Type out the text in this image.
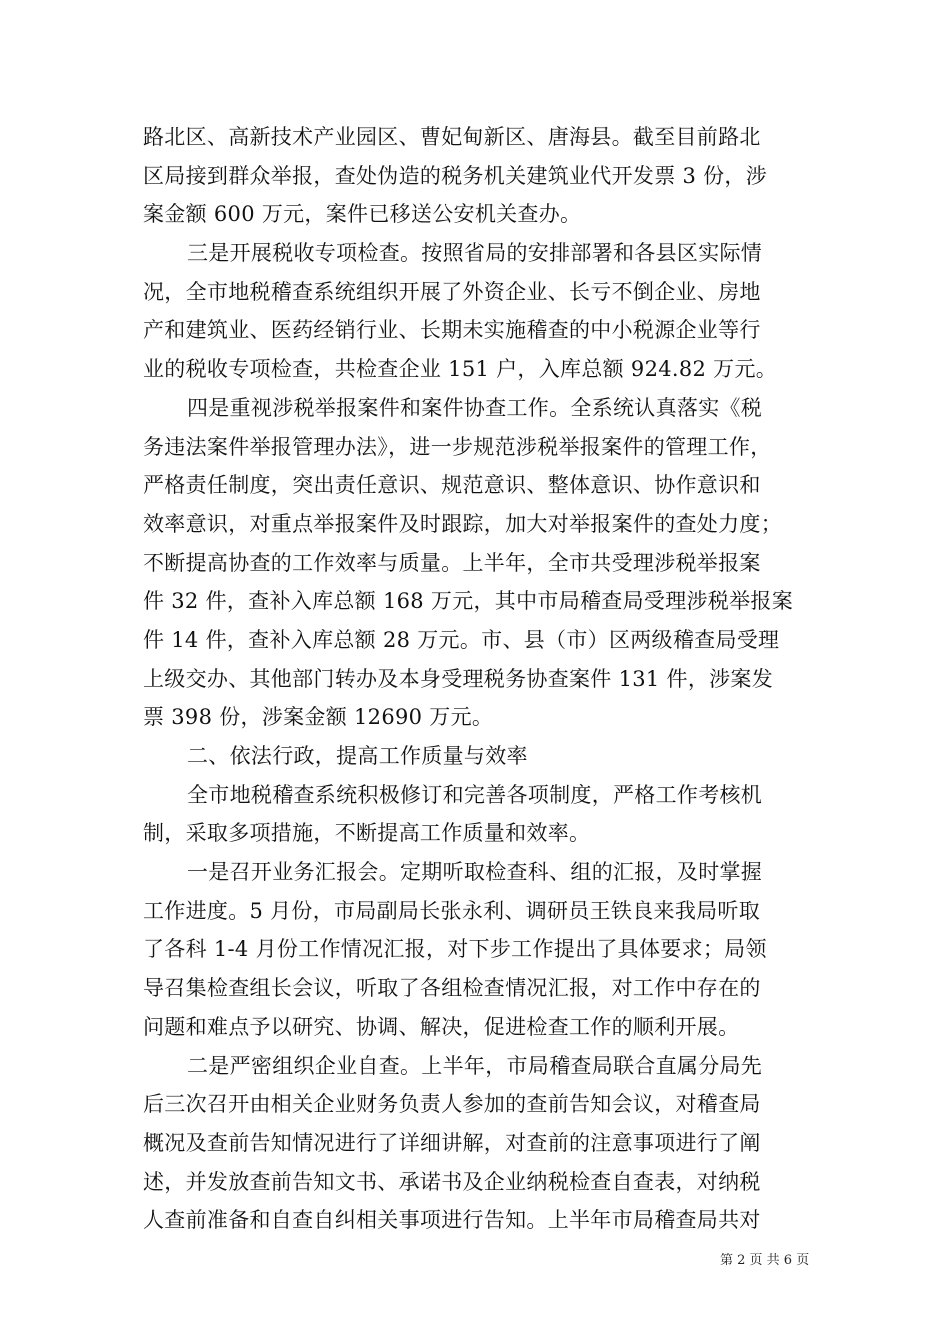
路北区、高新技术产业园区、曹妃甸新区、唐海县。截至目前路北
区局接到群众举报，查处伪造的税务机关建筑业代开发票 3 份，涉
案金额 600 万元，案件已移送公安机关查办。
三是开展税收专项检查。按照省局的安排部署和各县区实际情
况，全市地税稽查系统组织开展了外资企业、长亏不倒企业、房地
产和建筑业、医药经销行业、长期未实施稽查的中小税源企业等行
业的税收专项检查，共检查企业 151 户，入库总额 924.82 万元。
四是重视涉税举报案件和案件协查工作。全系统认真落实《税
务违法案件举报管理办法》，进一步规范涉税举报案件的管理工作，
严格责任制度，突出责任意识、规范意识、整体意识、协作意识和
效率意识，对重点举报案件及时跟踪，加大对举报案件的查处力度；
不断提高协查的工作效率与质量。上半年，全市共受理涉税举报案
件 32 件，查补入库总额 168 万元，其中市局稽查局受理涉税举报案
件 14 件，查补入库总额 28 万元。市、县（市）区两级稽查局受理
上级交办、其他部门转办及本身受理税务协查案件 131 件，涉案发
票 398 份，涉案金额 12690 万元。
二、依法行政，提高工作质量与效率
全市地税稽查系统积极修订和完善各项制度，严格工作考核机
制，采取多项措施，不断提高工作质量和效率。
一是召开业务汇报会。定期听取检查科、组的汇报，及时掌握
工作进度。5 月份，市局副局长张永利、调研员王铁良来我局听取
了各科 1-4 月份工作情况汇报，对下步工作提出了具体要求；局领
导召集检查组长会议，听取了各组检查情况汇报，对工作中存在的
问题和难点予以研究、协调、解决，促进检查工作的顺利开展。
二是严密组织企业自查。上半年，市局稽查局联合直属分局先
后三次召开由相关企业财务负责人参加的查前告知会议，对稽查局
概况及查前告知情况进行了详细讲解，对查前的注意事项进行了阐
述，并发放查前告知文书、承诺书及企业纳税检查自查表，对纳税
人查前准备和自查自纠相关事项进行告知。上半年市局稽查局共对
第 2 页 共 6 页
